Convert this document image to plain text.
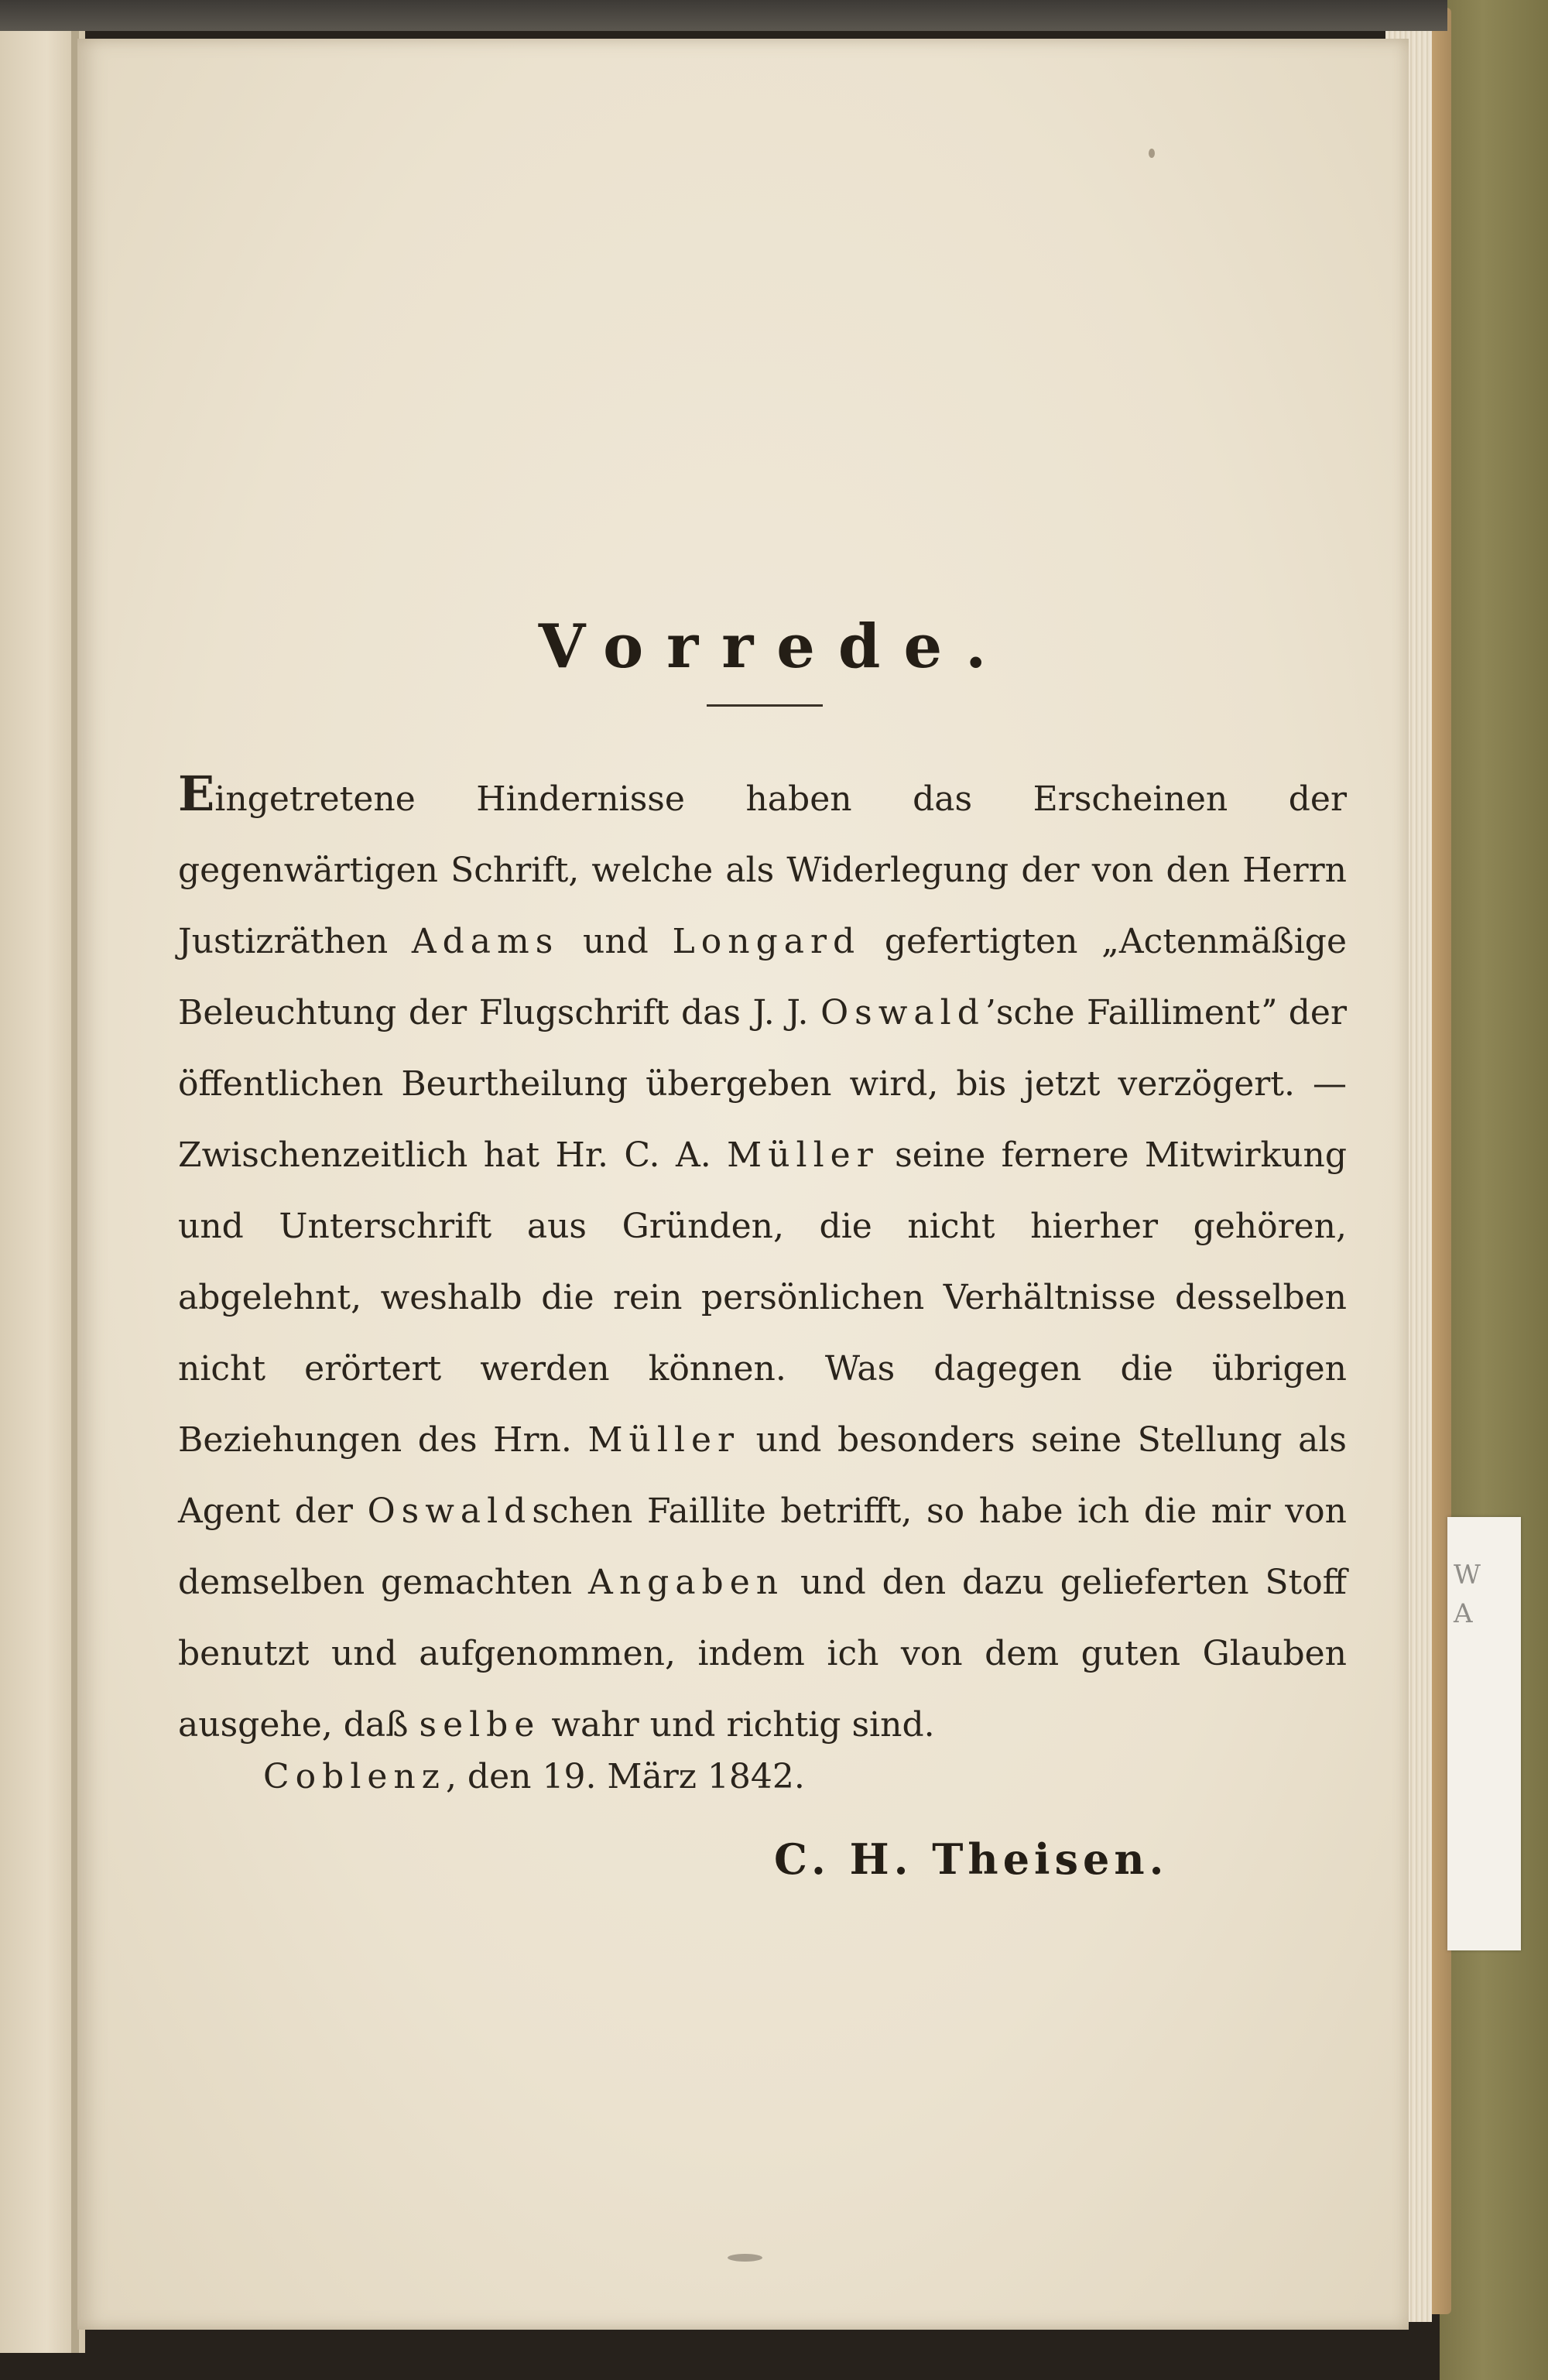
Vorrede.
Eingetretene Hindernisse haben das Erscheinen der gegenwärtigen Schrift, welche als Widerlegung der von den Herrn Justizräthen Adams und Longard gefertigten „Actenmäßige Beleuchtung der Flugschrift das J. J. Oswald’sche Faillimentˮ der öffentlichen Beurtheilung übergeben wird, bis jetzt verzögert. — Zwischenzeitlich hat Hr. C. A. Müller seine fernere Mitwirkung und Unterschrift aus Gründen, die nicht hierher gehören, abgelehnt, weshalb die rein persönlichen Verhältnisse desselben nicht erörtert werden können. Was dagegen die übrigen Beziehungen des Hrn. Müller und besonders seine Stellung als Agent der Oswaldschen Faillite betrifft, so habe ich die mir von demselben gemachten Angaben und den dazu gelieferten Stoff benutzt und aufgenommen, indem ich von dem guten Glauben ausgehe, daß selbe wahr und richtig sind.
Coblenz, den 19. März 1842.
C. H. Theisen.
W
A
